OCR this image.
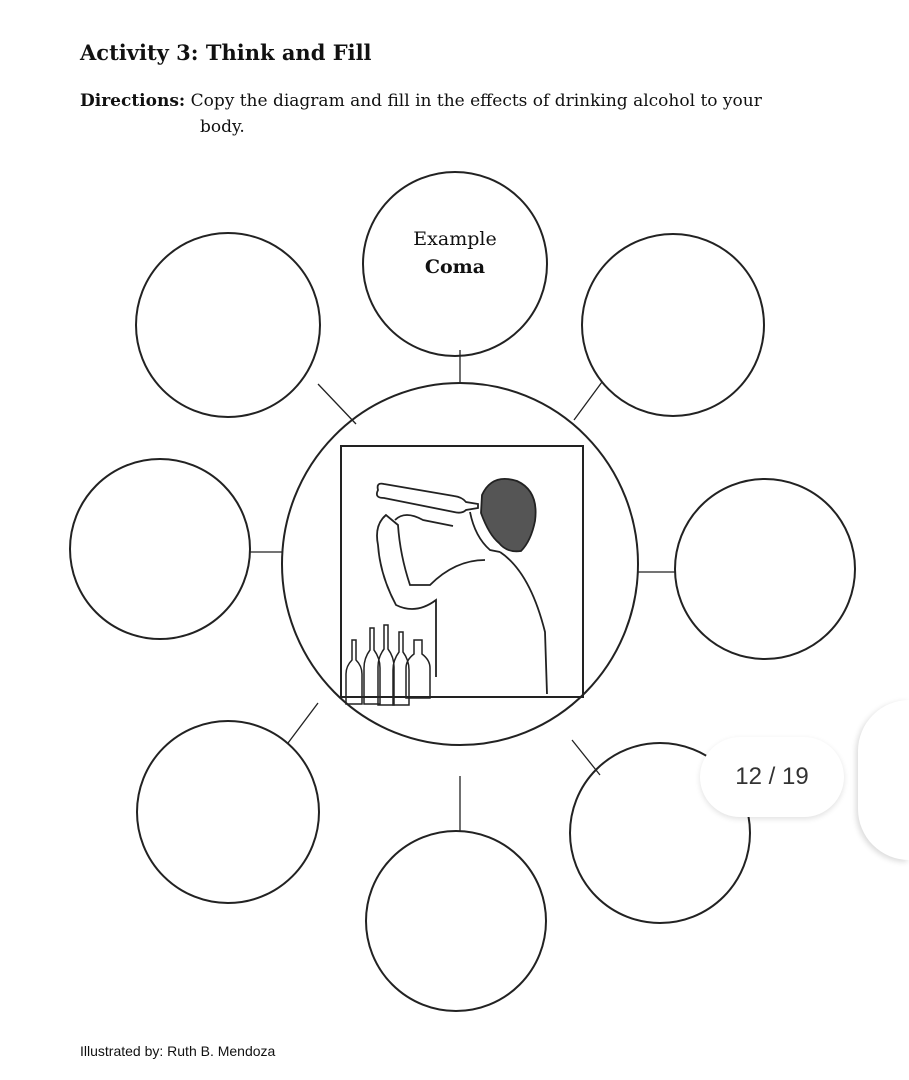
Activity 3: Think and Fill
Directions: Copy the diagram and fill in the effects of drinking alcohol to your
body.
Example
Coma
Illustrated by: Ruth B. Mendoza
12 / 19
